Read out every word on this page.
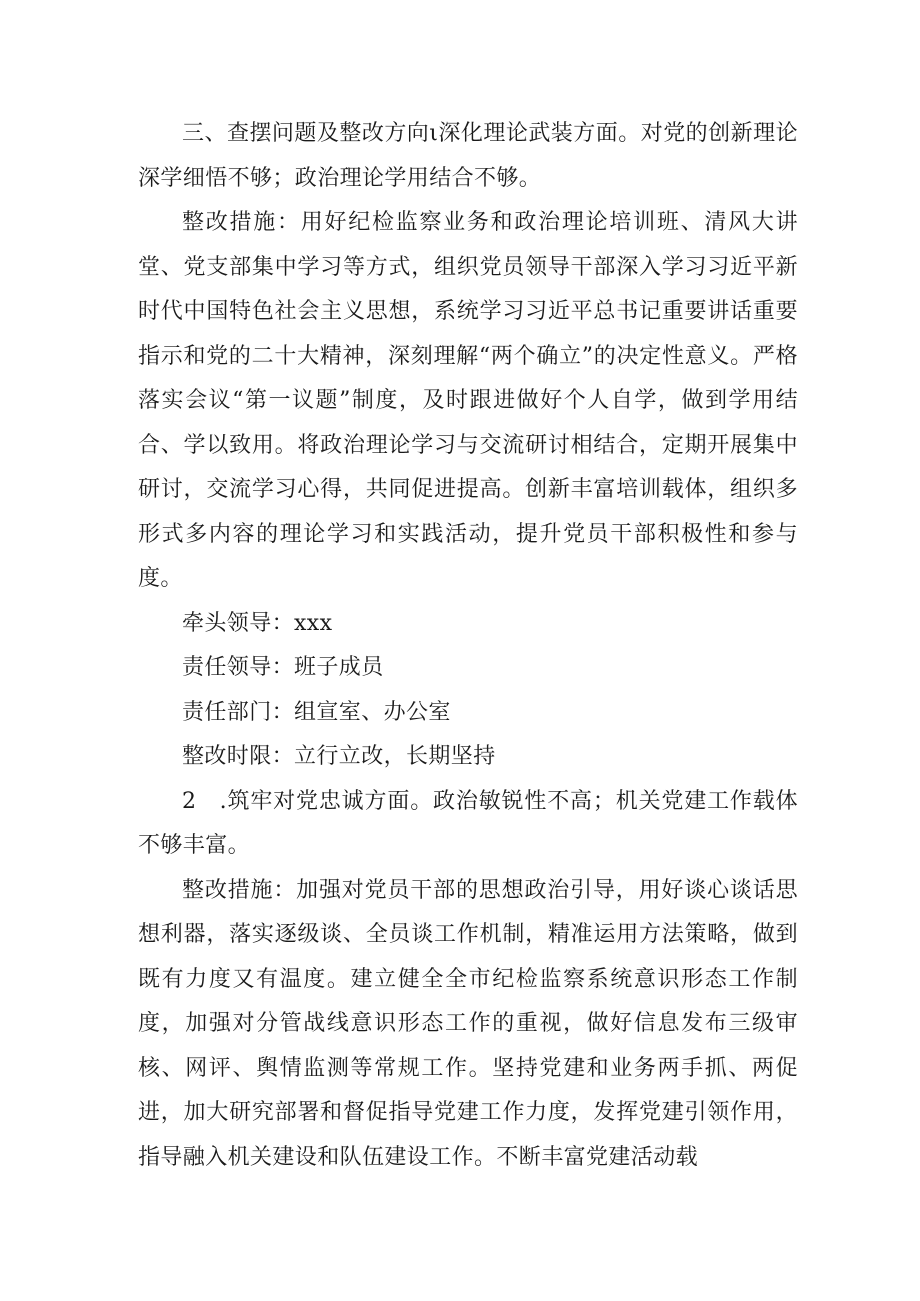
三、查摆问题及整改方向ι深化理论武装方面。对党的创新理论深学细悟不够；政治理论学用结合不够。

整改措施：用好纪检监察业务和政治理论培训班、清风大讲堂、党支部集中学习等方式，组织党员领导干部深入学习习近平新时代中国特色社会主义思想，系统学习习近平总书记重要讲话重要指示和党的二十大精神，深刻理解“两个确立”的决定性意义。严格落实会议“第一议题”制度，及时跟进做好个人自学，做到学用结合、学以致用。将政治理论学习与交流研讨相结合，定期开展集中研讨，交流学习心得，共同促进提高。创新丰富培训载体，组织多形式多内容的理论学习和实践活动，提升党员干部积极性和参与度。

牵头领导：xxx

责任领导：班子成员

责任部门：组宣室、办公室

整改时限：立行立改，长期坚持

2　.筑牢对党忠诚方面。政治敏锐性不高；机关党建工作载体不够丰富。

整改措施：加强对党员干部的思想政治引导，用好谈心谈话思想利器，落实逐级谈、全员谈工作机制，精准运用方法策略，做到既有力度又有温度。建立健全全市纪检监察系统意识形态工作制度，加强对分管战线意识形态工作的重视，做好信息发布三级审核、网评、舆情监测等常规工作。坚持党建和业务两手抓、两促进，加大研究部署和督促指导党建工作力度，发挥党建引领作用，指导融入机关建设和队伍建设工作。不断丰富党建活动载
